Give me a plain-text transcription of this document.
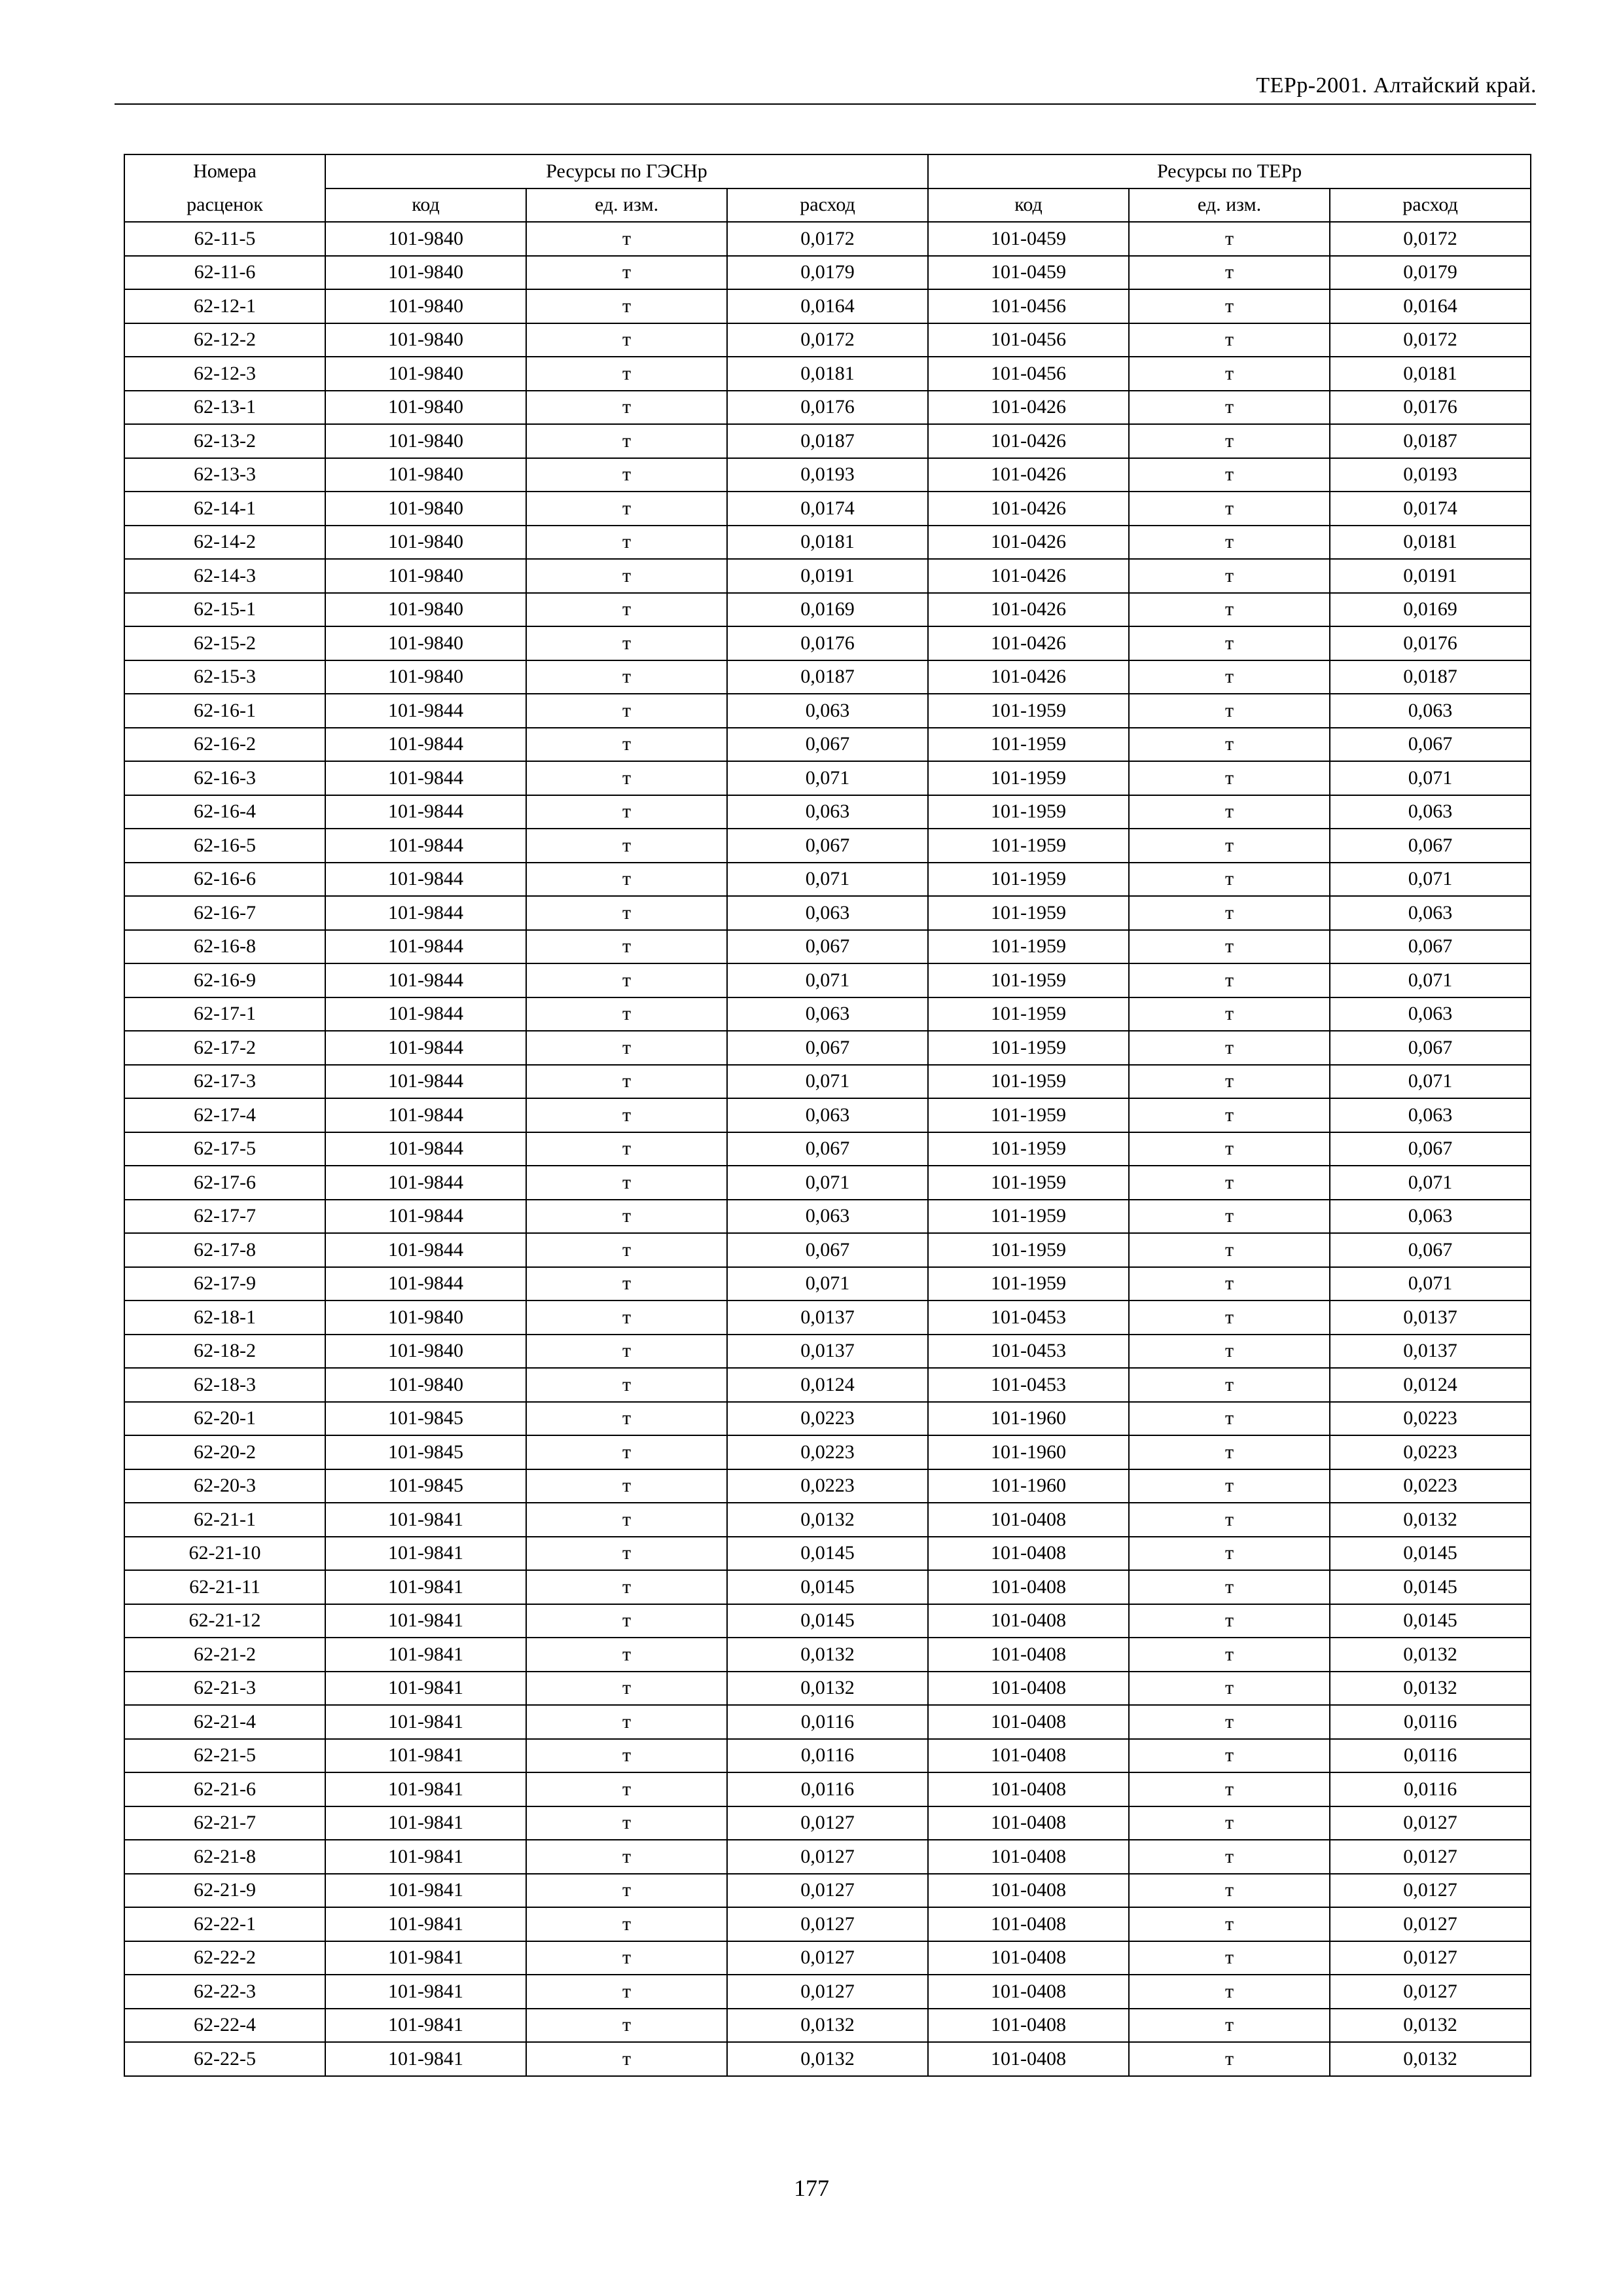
ТЕРр-2001. Алтайский край.
Номера	Ресурсы по ГЭСНр			Ресурсы по ТЕРр		
расценок	код	ед. изм.	расход	код	ед. изм.	расход
62-11-5	101-9840	т	0,0172	101-0459	т	0,0172
62-11-6	101-9840	т	0,0179	101-0459	т	0,0179
62-12-1	101-9840	т	0,0164	101-0456	т	0,0164
62-12-2	101-9840	т	0,0172	101-0456	т	0,0172
62-12-3	101-9840	т	0,0181	101-0456	т	0,0181
62-13-1	101-9840	т	0,0176	101-0426	т	0,0176
62-13-2	101-9840	т	0,0187	101-0426	т	0,0187
62-13-3	101-9840	т	0,0193	101-0426	т	0,0193
62-14-1	101-9840	т	0,0174	101-0426	т	0,0174
62-14-2	101-9840	т	0,0181	101-0426	т	0,0181
62-14-3	101-9840	т	0,0191	101-0426	т	0,0191
62-15-1	101-9840	т	0,0169	101-0426	т	0,0169
62-15-2	101-9840	т	0,0176	101-0426	т	0,0176
62-15-3	101-9840	т	0,0187	101-0426	т	0,0187
62-16-1	101-9844	т	0,063	101-1959	т	0,063
62-16-2	101-9844	т	0,067	101-1959	т	0,067
62-16-3	101-9844	т	0,071	101-1959	т	0,071
62-16-4	101-9844	т	0,063	101-1959	т	0,063
62-16-5	101-9844	т	0,067	101-1959	т	0,067
62-16-6	101-9844	т	0,071	101-1959	т	0,071
62-16-7	101-9844	т	0,063	101-1959	т	0,063
62-16-8	101-9844	т	0,067	101-1959	т	0,067
62-16-9	101-9844	т	0,071	101-1959	т	0,071
62-17-1	101-9844	т	0,063	101-1959	т	0,063
62-17-2	101-9844	т	0,067	101-1959	т	0,067
62-17-3	101-9844	т	0,071	101-1959	т	0,071
62-17-4	101-9844	т	0,063	101-1959	т	0,063
62-17-5	101-9844	т	0,067	101-1959	т	0,067
62-17-6	101-9844	т	0,071	101-1959	т	0,071
62-17-7	101-9844	т	0,063	101-1959	т	0,063
62-17-8	101-9844	т	0,067	101-1959	т	0,067
62-17-9	101-9844	т	0,071	101-1959	т	0,071
62-18-1	101-9840	т	0,0137	101-0453	т	0,0137
62-18-2	101-9840	т	0,0137	101-0453	т	0,0137
62-18-3	101-9840	т	0,0124	101-0453	т	0,0124
62-20-1	101-9845	т	0,0223	101-1960	т	0,0223
62-20-2	101-9845	т	0,0223	101-1960	т	0,0223
62-20-3	101-9845	т	0,0223	101-1960	т	0,0223
62-21-1	101-9841	т	0,0132	101-0408	т	0,0132
62-21-10	101-9841	т	0,0145	101-0408	т	0,0145
62-21-11	101-9841	т	0,0145	101-0408	т	0,0145
62-21-12	101-9841	т	0,0145	101-0408	т	0,0145
62-21-2	101-9841	т	0,0132	101-0408	т	0,0132
62-21-3	101-9841	т	0,0132	101-0408	т	0,0132
62-21-4	101-9841	т	0,0116	101-0408	т	0,0116
62-21-5	101-9841	т	0,0116	101-0408	т	0,0116
62-21-6	101-9841	т	0,0116	101-0408	т	0,0116
62-21-7	101-9841	т	0,0127	101-0408	т	0,0127
62-21-8	101-9841	т	0,0127	101-0408	т	0,0127
62-21-9	101-9841	т	0,0127	101-0408	т	0,0127
62-22-1	101-9841	т	0,0127	101-0408	т	0,0127
62-22-2	101-9841	т	0,0127	101-0408	т	0,0127
62-22-3	101-9841	т	0,0127	101-0408	т	0,0127
62-22-4	101-9841	т	0,0132	101-0408	т	0,0132
62-22-5	101-9841	т	0,0132	101-0408	т	0,0132
177
